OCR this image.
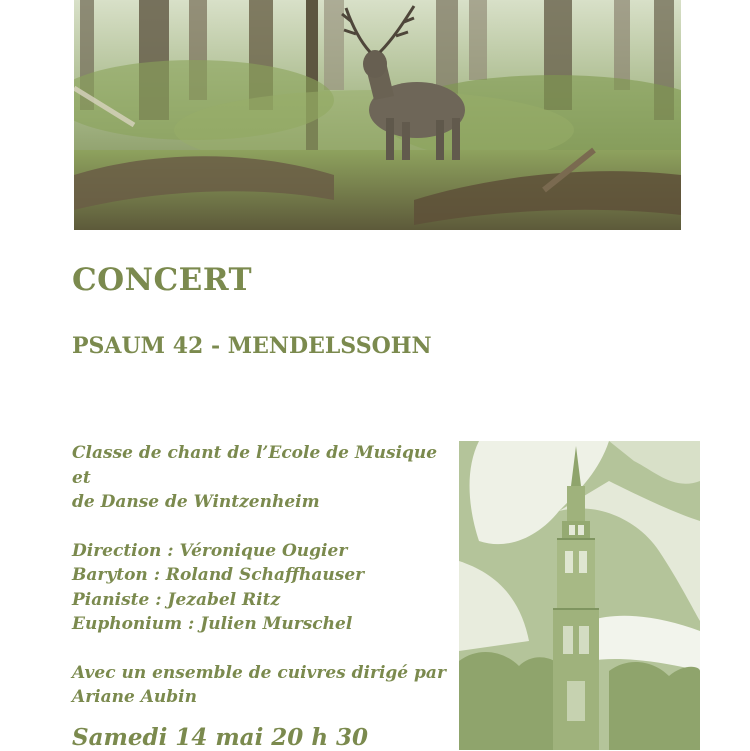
CONCERT
PSAUM 42 - MENDELSSOHN

Classe de chant de l’Ecole de Musique et

de Danse de Wintzenheim

Direction : Véronique Ougier

Baryton : Roland Schaffhauser

Pianiste : Jezabel Ritz

Euphonium : Julien Murschel

Avec un ensemble de cuivres dirigé par

Ariane Aubin

Samedi 14 mai 20 h 30
